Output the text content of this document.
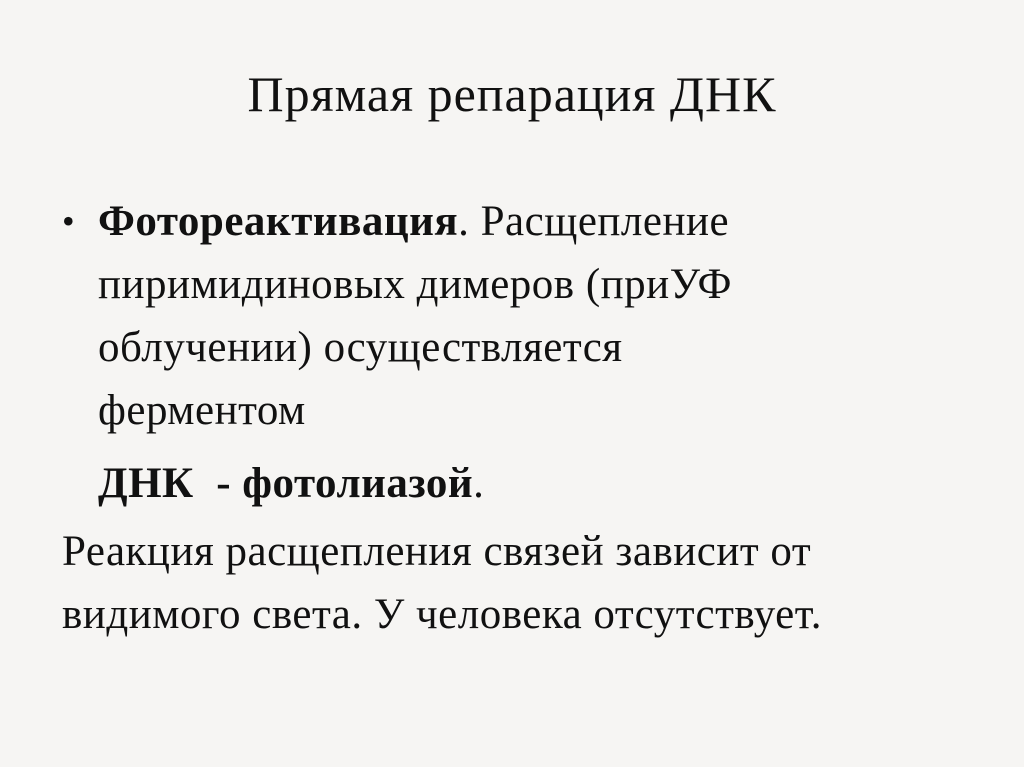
Прямая репарация ДНК
• Фотореактивация. Расщепление
пиримидиновых димеров (приУФ
облучении) осуществляется
ферментом
ДНК  - фотолиазой.
Реакция расщепления связей зависит от
видимого света. У человека отсутствует.
